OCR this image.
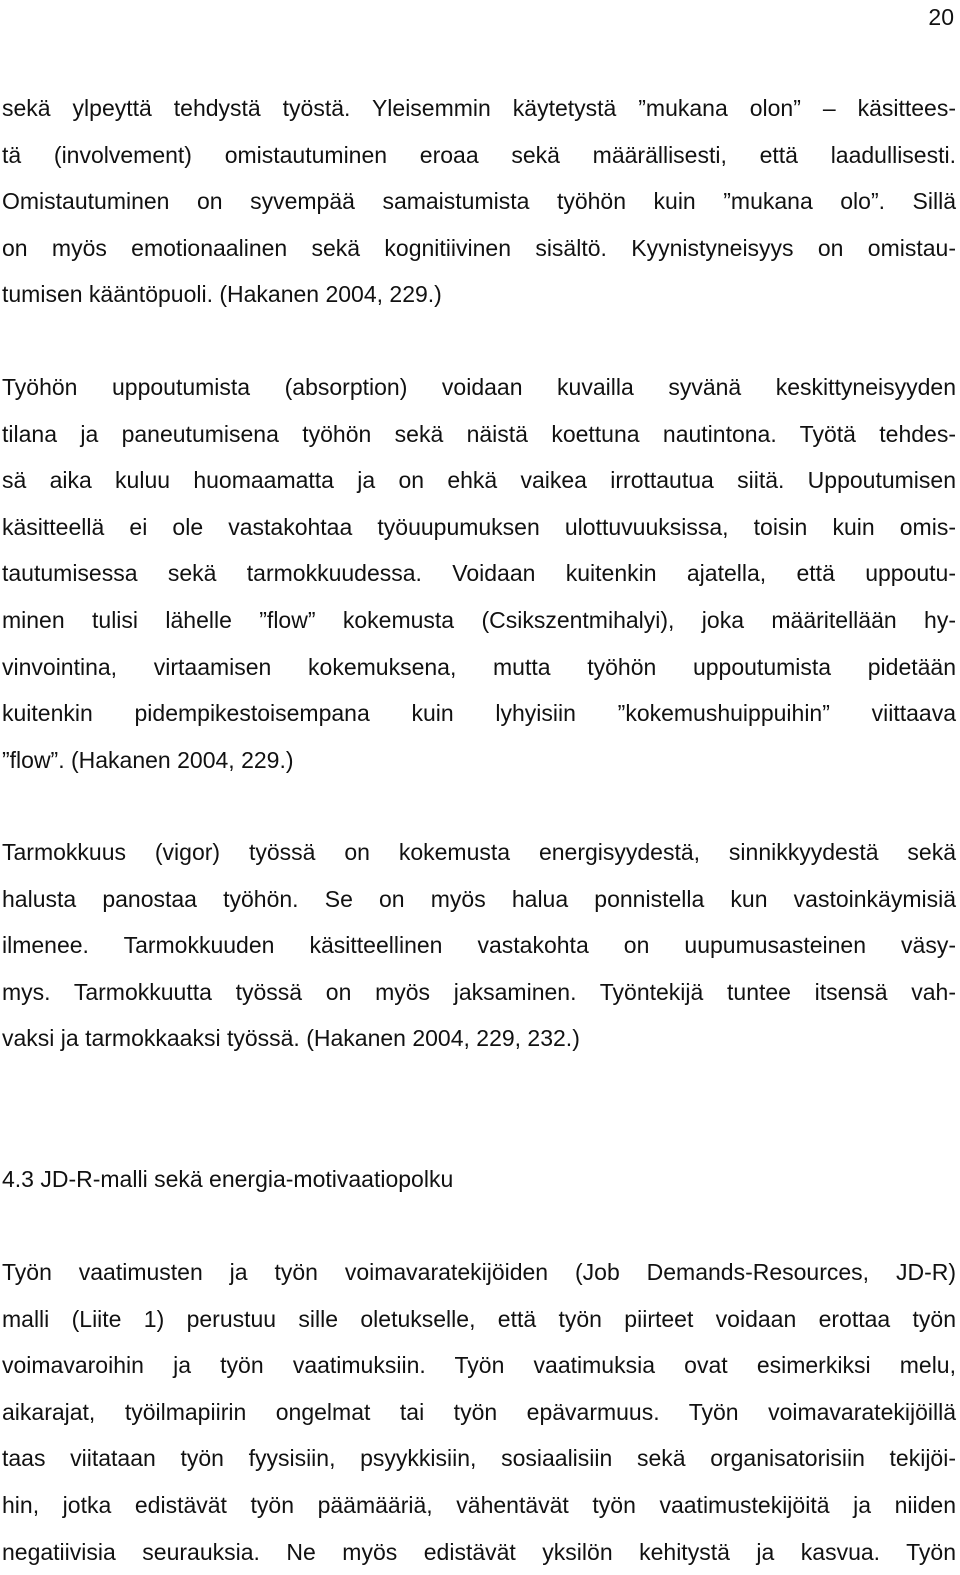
20
sekä ylpeyttä tehdystä työstä. Yleisemmin käytetystä ”mukana olon” – käsittees-
tä (involvement) omistautuminen eroaa sekä määrällisesti, että laadullisesti.
Omistautuminen on syvempää samaistumista työhön kuin ”mukana olo”. Sillä
on myös emotionaalinen sekä kognitiivinen sisältö. Kyynistyneisyys on omistau-
tumisen kääntöpuoli. (Hakanen 2004, 229.)
Työhön uppoutumista (absorption) voidaan kuvailla syvänä keskittyneisyyden
tilana ja paneutumisena työhön sekä näistä koettuna nautintona. Työtä tehdes-
sä aika kuluu huomaamatta ja on ehkä vaikea irrottautua siitä. Uppoutumisen
käsitteellä ei ole vastakohtaa työuupumuksen ulottuvuuksissa, toisin kuin omis-
tautumisessa sekä tarmokkuudessa. Voidaan kuitenkin ajatella, että uppoutu-
minen tulisi lähelle ”flow” kokemusta (Csikszentmihalyi), joka määritellään hy-
vinvointina, virtaamisen kokemuksena, mutta työhön uppoutumista pidetään
kuitenkin pidempikestoisempana kuin lyhyisiin ”kokemushuippuihin” viittaava
”flow”. (Hakanen 2004, 229.)
Tarmokkuus (vigor) työssä on kokemusta energisyydestä, sinnikkyydestä sekä
halusta panostaa työhön. Se on myös halua ponnistella kun vastoinkäymisiä
ilmenee. Tarmokkuuden käsitteellinen vastakohta on uupumusasteinen väsy-
mys. Tarmokkuutta työssä on myös jaksaminen. Työntekijä tuntee itsensä vah-
vaksi ja tarmokkaaksi työssä. (Hakanen 2004, 229, 232.)
4.3 JD-R-malli sekä energia-motivaatiopolku
Työn vaatimusten ja työn voimavaratekijöiden (Job Demands-Resources, JD-R)
malli (Liite 1) perustuu sille oletukselle, että työn piirteet voidaan erottaa työn
voimavaroihin ja työn vaatimuksiin. Työn vaatimuksia ovat esimerkiksi melu,
aikarajat, työilmapiirin ongelmat tai työn epävarmuus. Työn voimavaratekijöillä
taas viitataan työn fyysisiin, psyykkisiin, sosiaalisiin sekä organisatorisiin tekijöi-
hin, jotka edistävät työn päämääriä, vähentävät työn vaatimustekijöitä ja niiden
negatiivisia seurauksia. Ne myös edistävät yksilön kehitystä ja kasvua. Työn
